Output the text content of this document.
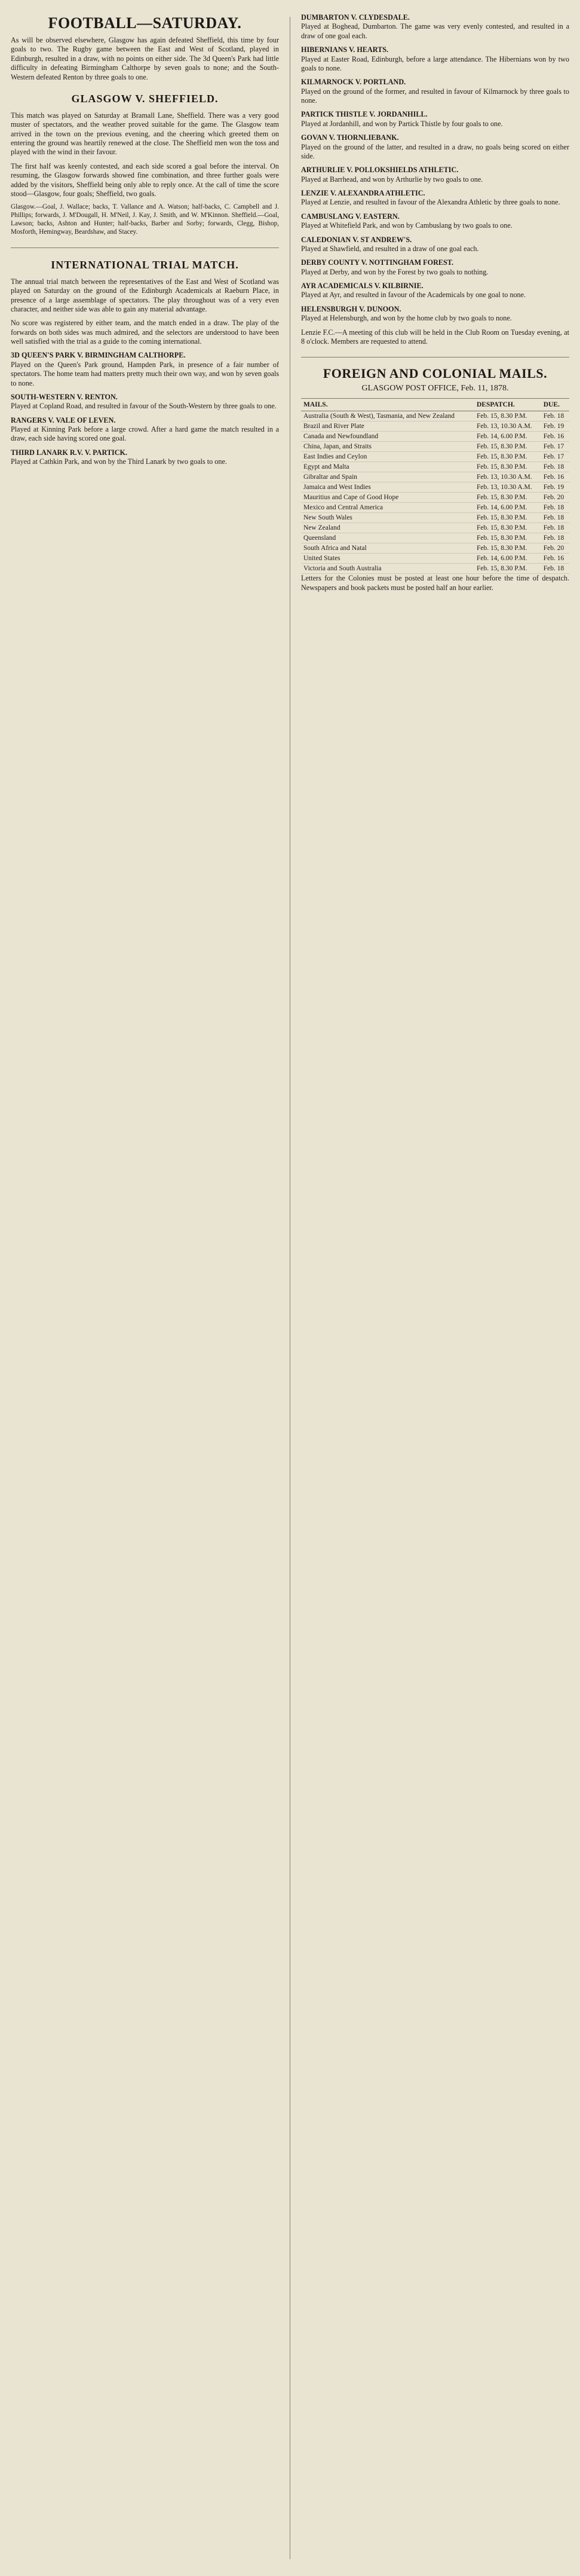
FOOTBALL—SATURDAY.

As will be observed elsewhere, Glasgow has again defeated Sheffield, this time by four goals to two. The Rugby game between the East and West of Scotland, played in Edinburgh, resulted in a draw, with no points on either side. The 3d Queen's Park had little difficulty in defeating Birmingham Calthorpe by seven goals to none; and the South-Western defeated Renton by three goals to one.

GLASGOW V. SHEFFIELD.

This match was played on Saturday at Bramall Lane, Sheffield. There was a very good muster of spectators, and the weather proved suitable for the game. The Glasgow team arrived in the town on the previous evening, and the cheering which greeted them on entering the ground was heartily renewed at the close. The Sheffield men won the toss and played with the wind in their favour.

The first half was keenly contested, and each side scored a goal before the interval. On resuming, the Glasgow forwards showed fine combination, and three further goals were added by the visitors, Sheffield being only able to reply once. At the call of time the score stood—Glasgow, four goals; Sheffield, two goals.

Glasgow.—Goal, J. Wallace; backs, T. Vallance and A. Watson; half-backs, C. Campbell and J. Phillips; forwards, J. M'Dougall, H. M'Neil, J. Kay, J. Smith, and W. M'Kinnon. Sheffield.—Goal, Lawson; backs, Ashton and Hunter; half-backs, Barber and Sorby; forwards, Clegg, Bishop, Mosforth, Hemingway, Beardshaw, and Stacey.

INTERNATIONAL TRIAL MATCH.

The annual trial match between the representatives of the East and West of Scotland was played on Saturday on the ground of the Edinburgh Academicals at Raeburn Place, in presence of a large assemblage of spectators. The play throughout was of a very even character, and neither side was able to gain any material advantage.

No score was registered by either team, and the match ended in a draw. The play of the forwards on both sides was much admired, and the selectors are understood to have been well satisfied with the trial as a guide to the coming international.

3D QUEEN'S PARK V. BIRMINGHAM CALTHORPE.
Played on the Queen's Park ground, Hampden Park, in presence of a fair number of spectators. The home team had matters pretty much their own way, and won by seven goals to none.
SOUTH-WESTERN V. RENTON.
Played at Copland Road, and resulted in favour of the South-Western by three goals to one.
RANGERS V. VALE OF LEVEN.
Played at Kinning Park before a large crowd. After a hard game the match resulted in a draw, each side having scored one goal.
THIRD LANARK R.V. V. PARTICK.
Played at Cathkin Park, and won by the Third Lanark by two goals to one.
DUMBARTON V. CLYDESDALE.
Played at Boghead, Dumbarton. The game was very evenly contested, and resulted in a draw of one goal each.
HIBERNIANS V. HEARTS.
Played at Easter Road, Edinburgh, before a large attendance. The Hibernians won by two goals to none.
KILMARNOCK V. PORTLAND.
Played on the ground of the former, and resulted in favour of Kilmarnock by three goals to none.
PARTICK THISTLE V. JORDANHILL.
Played at Jordanhill, and won by Partick Thistle by four goals to one.
GOVAN V. THORNLIEBANK.
Played on the ground of the latter, and resulted in a draw, no goals being scored on either side.
ARTHURLIE V. POLLOKSHIELDS ATHLETIC.
Played at Barrhead, and won by Arthurlie by two goals to one.
LENZIE V. ALEXANDRA ATHLETIC.
Played at Lenzie, and resulted in favour of the Alexandra Athletic by three goals to none.
CAMBUSLANG V. EASTERN.
Played at Whitefield Park, and won by Cambuslang by two goals to one.
CALEDONIAN V. ST ANDREW'S.
Played at Shawfield, and resulted in a draw of one goal each.
DERBY COUNTY V. NOTTINGHAM FOREST.
Played at Derby, and won by the Forest by two goals to nothing.
AYR ACADEMICALS V. KILBIRNIE.
Played at Ayr, and resulted in favour of the Academicals by one goal to none.
HELENSBURGH V. DUNOON.
Played at Helensburgh, and won by the home club by two goals to none.
Lenzie F.C.—A meeting of this club will be held in the Club Room on Tuesday evening, at 8 o'clock. Members are requested to attend.
FOREIGN AND COLONIAL MAILS.
GLASGOW POST OFFICE, Feb. 11, 1878.
MAILS.	DESPATCH.	DUE.
Australia (South & West), Tasmania, and New Zealand	Feb. 15, 8.30 P.M.	Feb. 18
Brazil and River Plate	Feb. 13, 10.30 A.M.	Feb. 19
Canada and Newfoundland	Feb. 14, 6.00 P.M.	Feb. 16
China, Japan, and Straits	Feb. 15, 8.30 P.M.	Feb. 17
East Indies and Ceylon	Feb. 15, 8.30 P.M.	Feb. 17
Egypt and Malta	Feb. 15, 8.30 P.M.	Feb. 18
Gibraltar and Spain	Feb. 13, 10.30 A.M.	Feb. 16
Jamaica and West Indies	Feb. 13, 10.30 A.M.	Feb. 19
Mauritius and Cape of Good Hope	Feb. 15, 8.30 P.M.	Feb. 20
Mexico and Central America	Feb. 14, 6.00 P.M.	Feb. 18
New South Wales	Feb. 15, 8.30 P.M.	Feb. 18
New Zealand	Feb. 15, 8.30 P.M.	Feb. 18
Queensland	Feb. 15, 8.30 P.M.	Feb. 18
South Africa and Natal	Feb. 15, 8.30 P.M.	Feb. 20
United States	Feb. 14, 6.00 P.M.	Feb. 16
Victoria and South Australia	Feb. 15, 8.30 P.M.	Feb. 18

Letters for the Colonies must be posted at least one hour before the time of despatch. Newspapers and book packets must be posted half an hour earlier.
